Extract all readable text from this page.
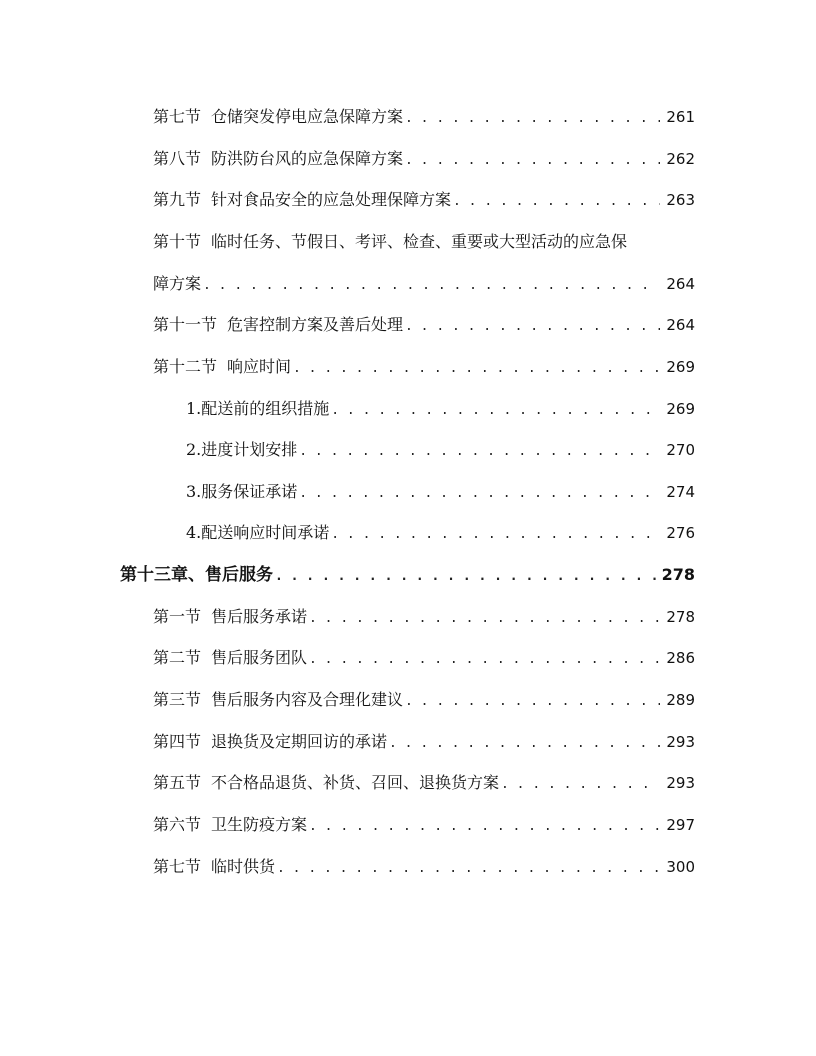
第七节 仓储突发停电应急保障方案 . . .	261
第八节 防洪防台风的应急保障方案 . . .	262
第九节 针对食品安全的应急处理保障方案 . . .	263
第十节 临时任务、节假日、考评、检查、重要或大型活动的应急保
障方案 . . .	264
第十一节 危害控制方案及善后处理 . . .	264
第十二节 响应时间 . . .	269
1. 配送前的组织措施 . . .	269
2. 进度计划安排 . . .	270
3. 服务保证承诺 . . .	274
4. 配送响应时间承诺 . . .	276
第十三章、售后服务 . . .	278
第一节 售后服务承诺 . . .	278
第二节 售后服务团队 . . .	286
第三节 售后服务内容及合理化建议 . . .	289
第四节 退换货及定期回访的承诺 . . .	293
第五节 不合格品退货、补货、召回、退换货方案 . . .	293
第六节 卫生防疫方案 . . .	297
第七节 临时供货 . . .	300
